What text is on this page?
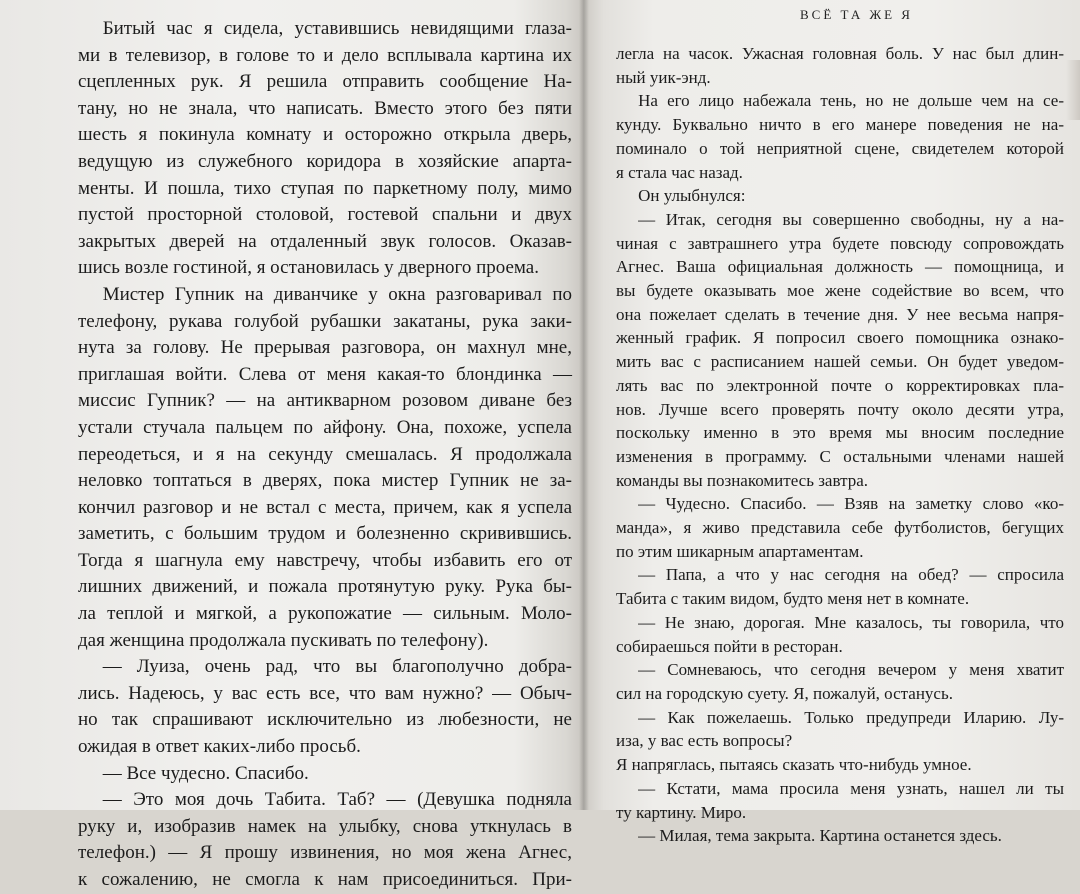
Битый час я сидела, уставившись невидящими глаза-
ми в телевизор, в голове то и дело всплывала картина их
сцепленных рук. Я решила отправить сообщение На-
тану, но не знала, что написать. Вместо этого без пяти
шесть я покинула комнату и осторожно открыла дверь,
ведущую из служебного коридора в хозяйские апарта-
менты. И пошла, тихо ступая по паркетному полу, мимо
пустой просторной столовой, гостевой спальни и двух
закрытых дверей на отдаленный звук голосов. Оказав-
шись возле гостиной, я остановилась у дверного проема.
Мистер Гупник на диванчике у окна разговаривал по
телефону, рукава голубой рубашки закатаны, рука заки-
нута за голову. Не прерывая разговора, он махнул мне,
приглашая войти. Слева от меня какая-то блондинка —
миссис Гупник? — на антикварном розовом диване без
устали стучала пальцем по айфону. Она, похоже, успела
переодеться, и я на секунду смешалась. Я продолжала
неловко топтаться в дверях, пока мистер Гупник не за-
кончил разговор и не встал с места, причем, как я успела
заметить, с большим трудом и болезненно скривившись.
Тогда я шагнула ему навстречу, чтобы избавить его от
лишних движений, и пожала протянутую руку. Рука бы-
ла теплой и мягкой, а рукопожатие — сильным. Моло-
дая женщина продолжала пускивать по телефону).
— Луиза, очень рад, что вы благополучно добра-
лись. Надеюсь, у вас есть все, что вам нужно? — Обыч-
но так спрашивают исключительно из любезности, не
ожидая в ответ каких-либо просьб.
— Все чудесно. Спасибо.
— Это моя дочь Табита. Таб? — (Девушка подняла
руку и, изобразив намек на улыбку, снова уткнулась в
телефон.) — Я прошу извинения, но моя жена Агнес,
к сожалению, не смогла к нам присоединиться. При-
ВСЁ ТА ЖЕ Я
легла на часок. Ужасная головная боль. У нас был длин-
ный уик-энд.
На его лицо набежала тень, но не дольше чем на се-
кунду. Буквально ничто в его манере поведения не на-
поминало о той неприятной сцене, свидетелем которой
я стала час назад.
Он улыбнулся:
— Итак, сегодня вы совершенно свободны, ну а на-
чиная с завтрашнего утра будете повсюду сопровождать
Агнес. Ваша официальная должность — помощница, и
вы будете оказывать мое жене содействие во всем, что
она пожелает сделать в течение дня. У нее весьма напря-
женный график. Я попросил своего помощника ознако-
мить вас с расписанием нашей семьи. Он будет уведом-
лять вас по электронной почте о корректировках пла-
нов. Лучше всего проверять почту около десяти утра,
поскольку именно в это время мы вносим последние
изменения в программу. С остальными членами нашей
команды вы познакомитесь завтра.
— Чудесно. Спасибо. — Взяв на заметку слово «ко-
манда», я живо представила себе футболистов, бегущих
по этим шикарным апартаментам.
— Папа, а что у нас сегодня на обед? — спросила
Табита с таким видом, будто меня нет в комнате.
— Не знаю, дорогая. Мне казалось, ты говорила, что
собираешься пойти в ресторан.
— Сомневаюсь, что сегодня вечером у меня хватит
сил на городскую суету. Я, пожалуй, останусь.
— Как пожелаешь. Только предупреди Иларию. Лу-
иза, у вас есть вопросы?
Я напряглась, пытаясь сказать что-нибудь умное.
— Кстати, мама просила меня узнать, нашел ли ты
ту картину. Миро.
— Милая, тема закрыта. Картина останется здесь.
